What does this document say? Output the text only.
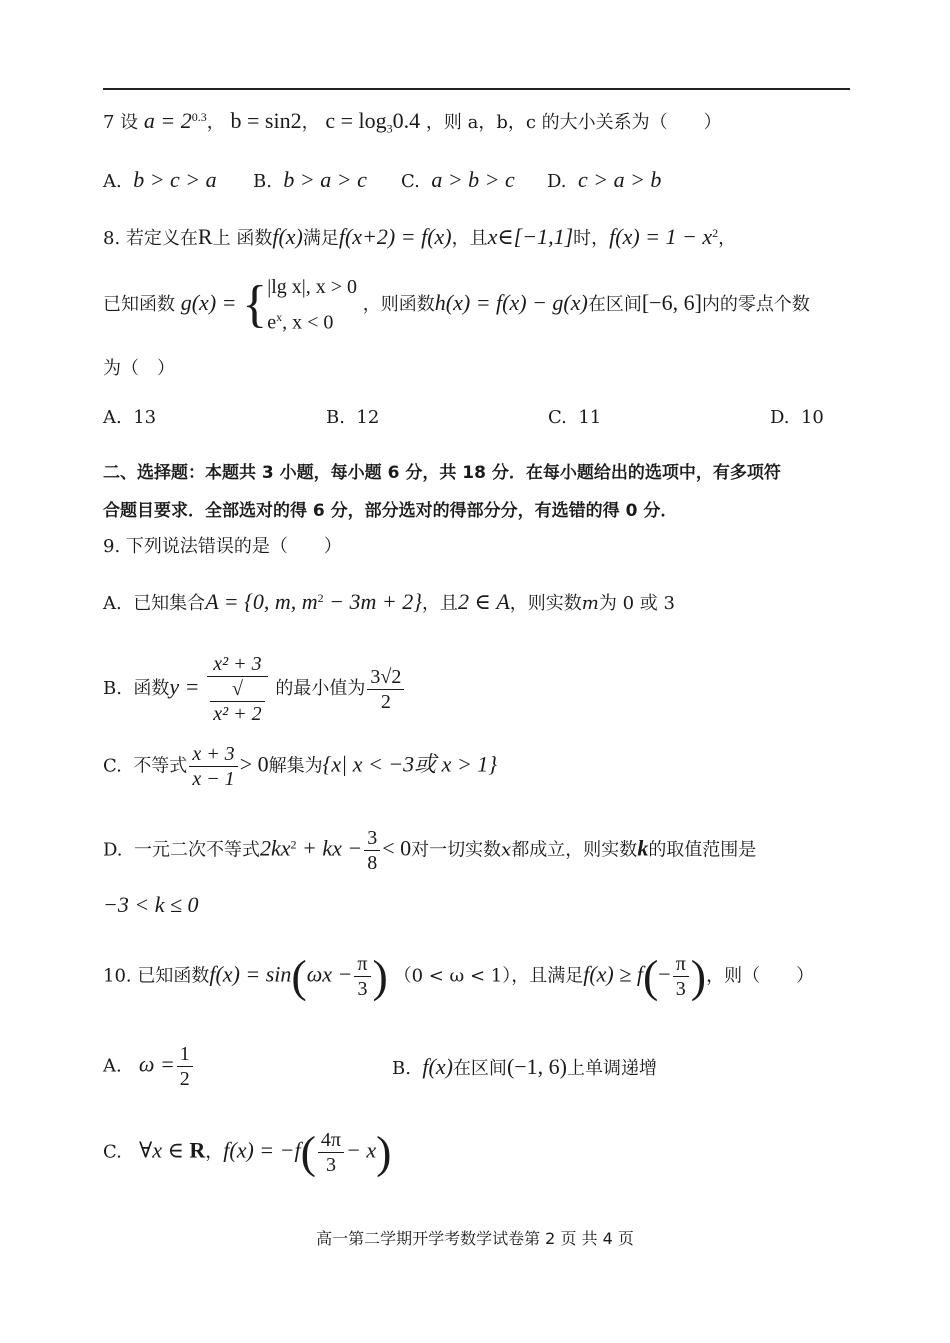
7 设 $a = 2^{0.3}$， b = sin2， $c = \log_30.4$ ，则 a，b，c 的大小关系为（　　）
A. b > c > a B. b > a > c C. a > b > c D. c > a > b
8. 若定义在R上 函数f(x)满足f(x+2) = f(x)，且x∈[−1,1]时，$f(x) = 1 - x^2$，
已知函数 g(x) = { |lg x|, x > 0
$e^x$, x < 0
，则函数h(x) = f(x) − g(x)在区间[−6, 6]内的零点个数
为（　）
A. 13	B. 12	C. 11	D. 10
二、选择题：本题共 3 小题，每小题 6 分，共 18 分．在每小题给出的选项中，有多项符
合题目要求．全部选对的得 6 分，部分选对的得部分分，有选错的得 0 分．
9. 下列说法错误的是（　　）
A. 已知集合A = {0, m, $m^2 - 3m + 2$}，且2 ∈ A，则实数m为 0 或 3
B. 函数y = x² + 3
√
x² + 2 的最小值为 $\frac{3√2}{2}$
C. 不等式 $\frac{x + 3}{x - 1} > 0$解集为{x| x < −3或 x > 1}
D. 一元二次不等式$2kx^2$ + kx − $\frac{3}{8} < 0$对一切实数x都成立，则实数k的取值范围是
−3 < k ≤ 0
10. 已知函数$f(x) = \sin(\omega x - \frac{\pi}{3}$ ) （0 < ω < 1），且满足$f(x) \ge f(- \frac{\pi}{3}$ )，则（　　）
A. $\omega = \frac{1}{2}$	B. f(x)在区间(−1, 6)上单调递增
C. ∀x ∈ R，$f(x) = -f( \frac{4\pi}{3} - x)$
高一第二学期开学考数学试卷第 2 页 共 4 页
